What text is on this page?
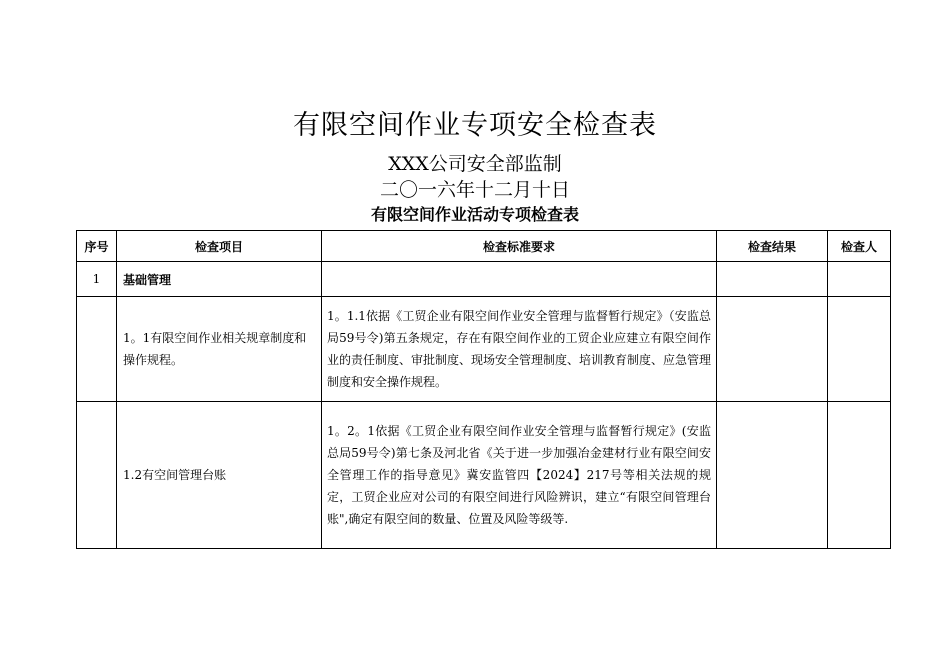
有限空间作业专项安全检查表
XXX公司安全部监制
二〇一六年十二月十日
有限空间作业活动专项检查表
序号	检查项目	检查标准要求	检查结果	检查人
1	基础管理			
	1。1有限空间作业相关规章制度和操作规程。	1。1.1依据《工贸企业有限空间作业安全管理与监督暂行规定》（安监总局59号令)第五条规定，存在有限空间作业的工贸企业应建立有限空间作业的责任制度、审批制度、现场安全管理制度、培训教育制度、应急管理制度和安全操作规程。		
	1.2有空间管理台账	1。2。1依据《工贸企业有限空间作业安全管理与监督暂行规定》(安监总局59号令)第七条及河北省《关于进一步加强冶金建材行业有限空间安全管理工作的指导意见》冀安监管四【2024】217号等相关法规的规定，工贸企业应对公司的有限空间进行风险辨识，建立“有限空间管理台账",确定有限空间的数量、位置及风险等级等.		
